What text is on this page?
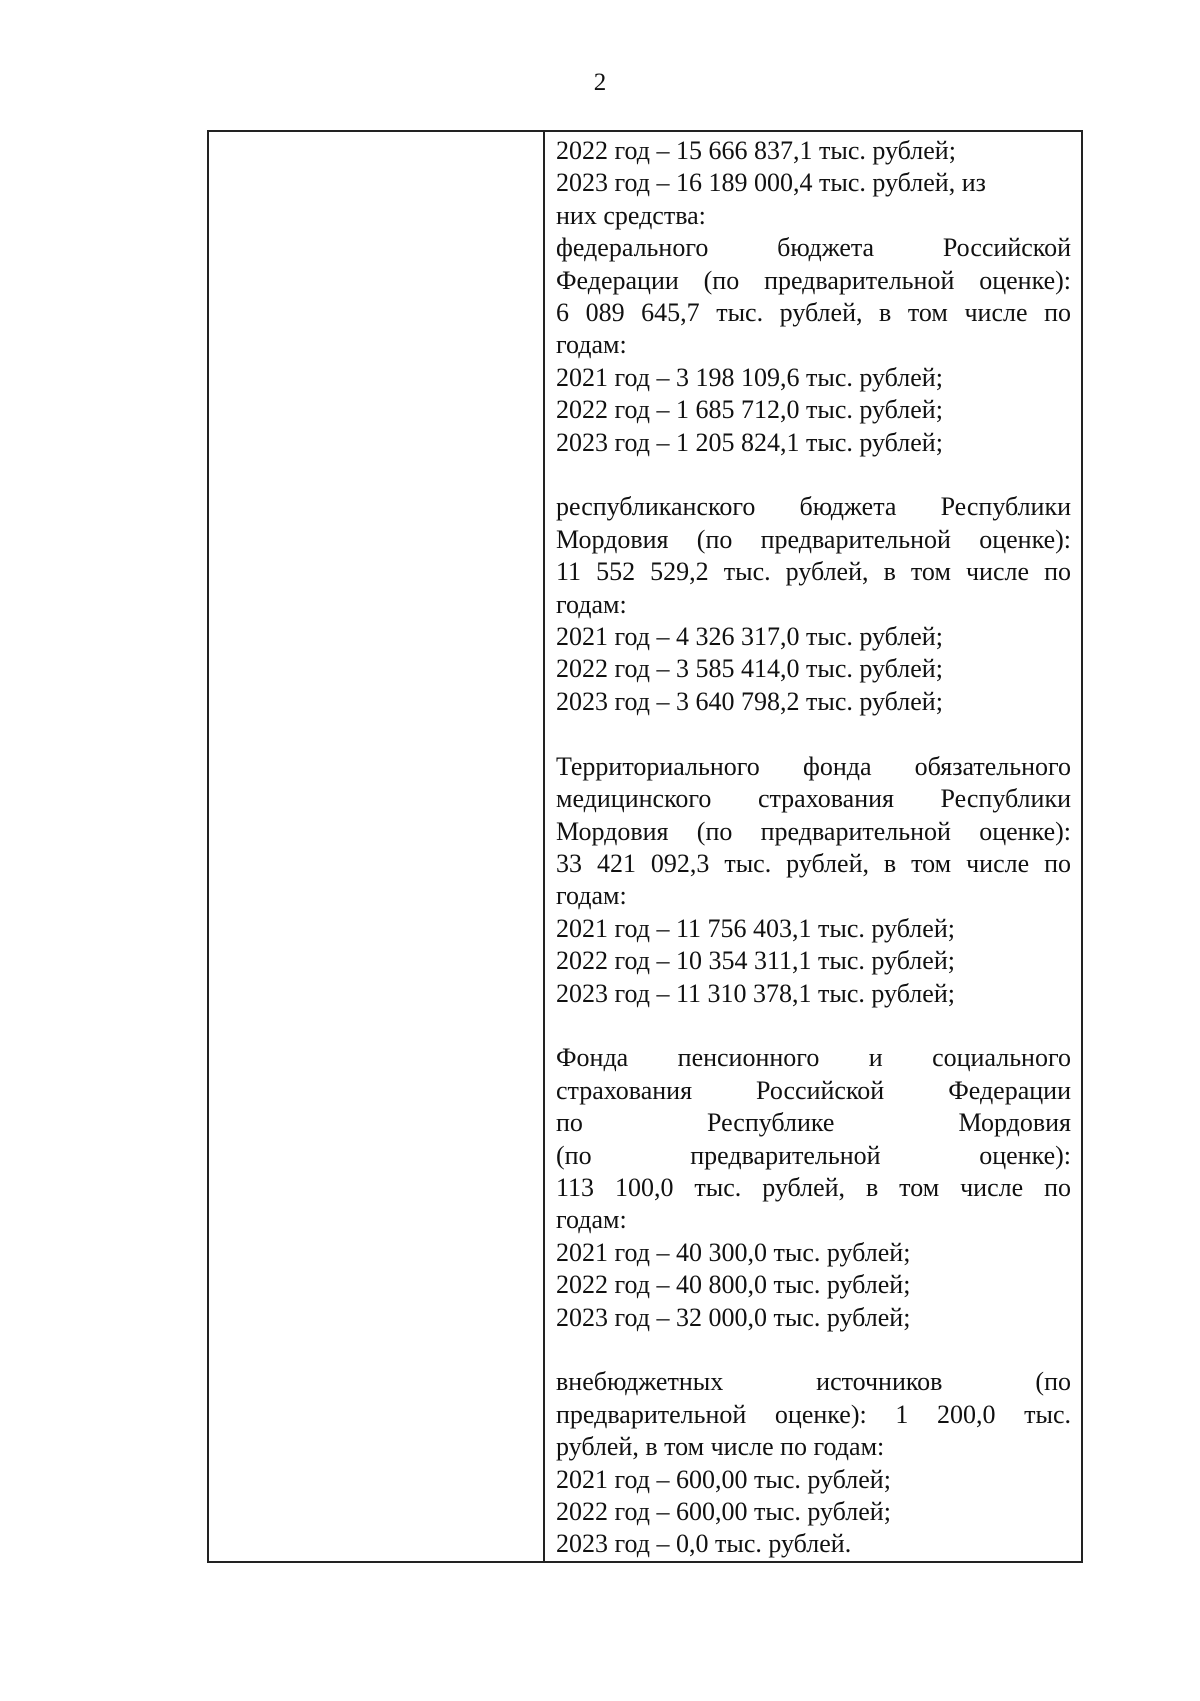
2
2022 год – 15 666 837,1 тыс. рублей;
2023 год – 16 189 000,4 тыс. рублей, из
них средства:
федерального бюджета Российской
Федерации (по предварительной оценке):
6 089 645,7 тыс. рублей, в том числе по
годам:
2021 год – 3 198 109,6 тыс. рублей;
2022 год – 1 685 712,0 тыс. рублей;
2023 год – 1 205 824,1 тыс. рублей;
республиканского бюджета Республики
Мордовия (по предварительной оценке):
11 552 529,2 тыс. рублей, в том числе по
годам:
2021 год – 4 326 317,0 тыс. рублей;
2022 год – 3 585 414,0 тыс. рублей;
2023 год – 3 640 798,2 тыс. рублей;
Территориального фонда обязательного
медицинского страхования Республики
Мордовия (по предварительной оценке):
33 421 092,3 тыс. рублей, в том числе по
годам:
2021 год – 11 756 403,1 тыс. рублей;
2022 год – 10 354 311,1 тыс. рублей;
2023 год – 11 310 378,1 тыс. рублей;
Фонда пенсионного и социального
страхования Российской Федерации
по Республике Мордовия
(по предварительной оценке):
113 100,0 тыс. рублей, в том числе по
годам:
2021 год – 40 300,0 тыс. рублей;
2022 год – 40 800,0 тыс. рублей;
2023 год – 32 000,0 тыс. рублей;
внебюджетных источников (по
предварительной оценке): 1 200,0 тыс.
рублей, в том числе по годам:
2021 год – 600,00 тыс. рублей;
2022 год – 600,00 тыс. рублей;
2023 год – 0,0 тыс. рублей.
